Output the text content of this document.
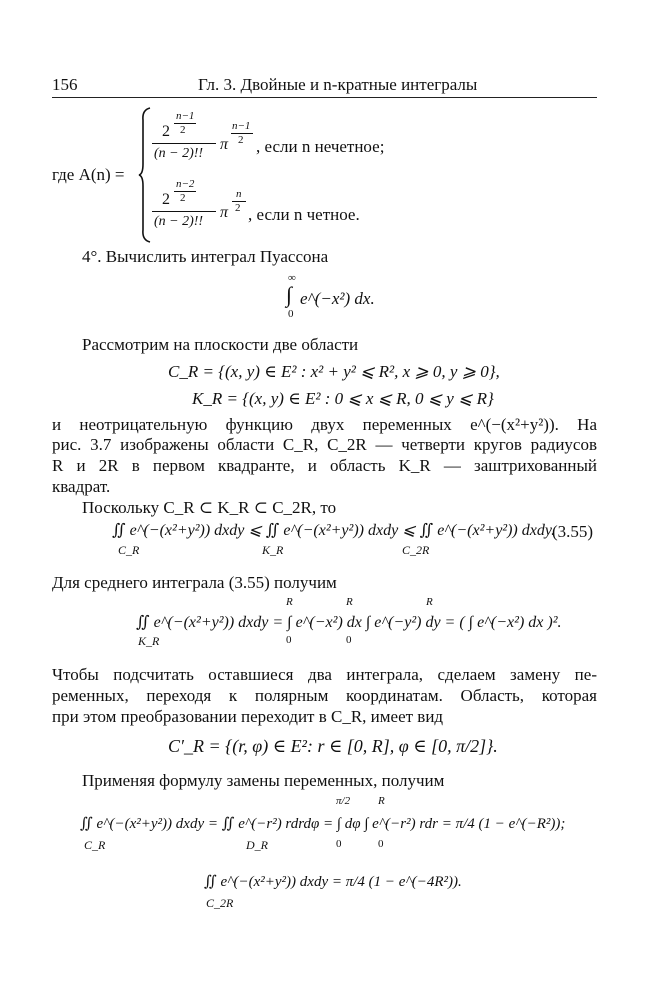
156	Гл. 3. Двойные и n-кратные интегралы
где A(n) =
n−1
2
2
(n − 2)!!
π
n−1
2 , если n нечетное;
n−2
2
2
(n − 2)!!
π
n
2 , если n четное.
4°. Вычислить интеграл Пуассона
∞
∫
0
e^(−x²) dx.
Рассмотрим на плоскости две области
C_R = {(x, y) ∈ E² : x² + y² ⩽ R², x ⩾ 0, y ⩾ 0},
K_R = {(x, y) ∈ E² : 0 ⩽ x ⩽ R, 0 ⩽ y ⩽ R}
и неотрицательную функцию двух переменных e^(−(x²+y²)). На
рис. 3.7 изображены области C_R, C_2R — четверти кругов радиусов
R и 2R в первом квадранте, и область K_R — заштрихованный
квадрат.
Поскольку C_R ⊂ K_R ⊂ C_2R, то
∬ e^(−(x²+y²)) dxdy ⩽ ∬ e^(−(x²+y²)) dxdy ⩽ ∬ e^(−(x²+y²)) dxdy.
C_R	K_R	C_2R
(3.55)
Для среднего интеграла (3.55) получим
R	R	R
∬ e^(−(x²+y²)) dxdy = ∫ e^(−x²) dx ∫ e^(−y²) dy = ( ∫ e^(−x²) dx )².
K_R	0	0
Чтобы подсчитать оставшиеся два интеграла, сделаем замену пе-
ременных, переходя к полярным координатам. Область, которая
при этом преобразовании переходит в C_R, имеет вид
C′_R = {(r, φ) ∈ E²: r ∈ [0, R], φ ∈ [0, π/2]}.
Применяя формулу замены переменных, получим
π/2	R
∬ e^(−(x²+y²)) dxdy = ∬ e^(−r²) rdrdφ = ∫ dφ ∫ e^(−r²) rdr = π/4 (1 − e^(−R²));
C_R	D_R	0	0
∬ e^(−(x²+y²)) dxdy = π/4 (1 − e^(−4R²)).
C_2R
